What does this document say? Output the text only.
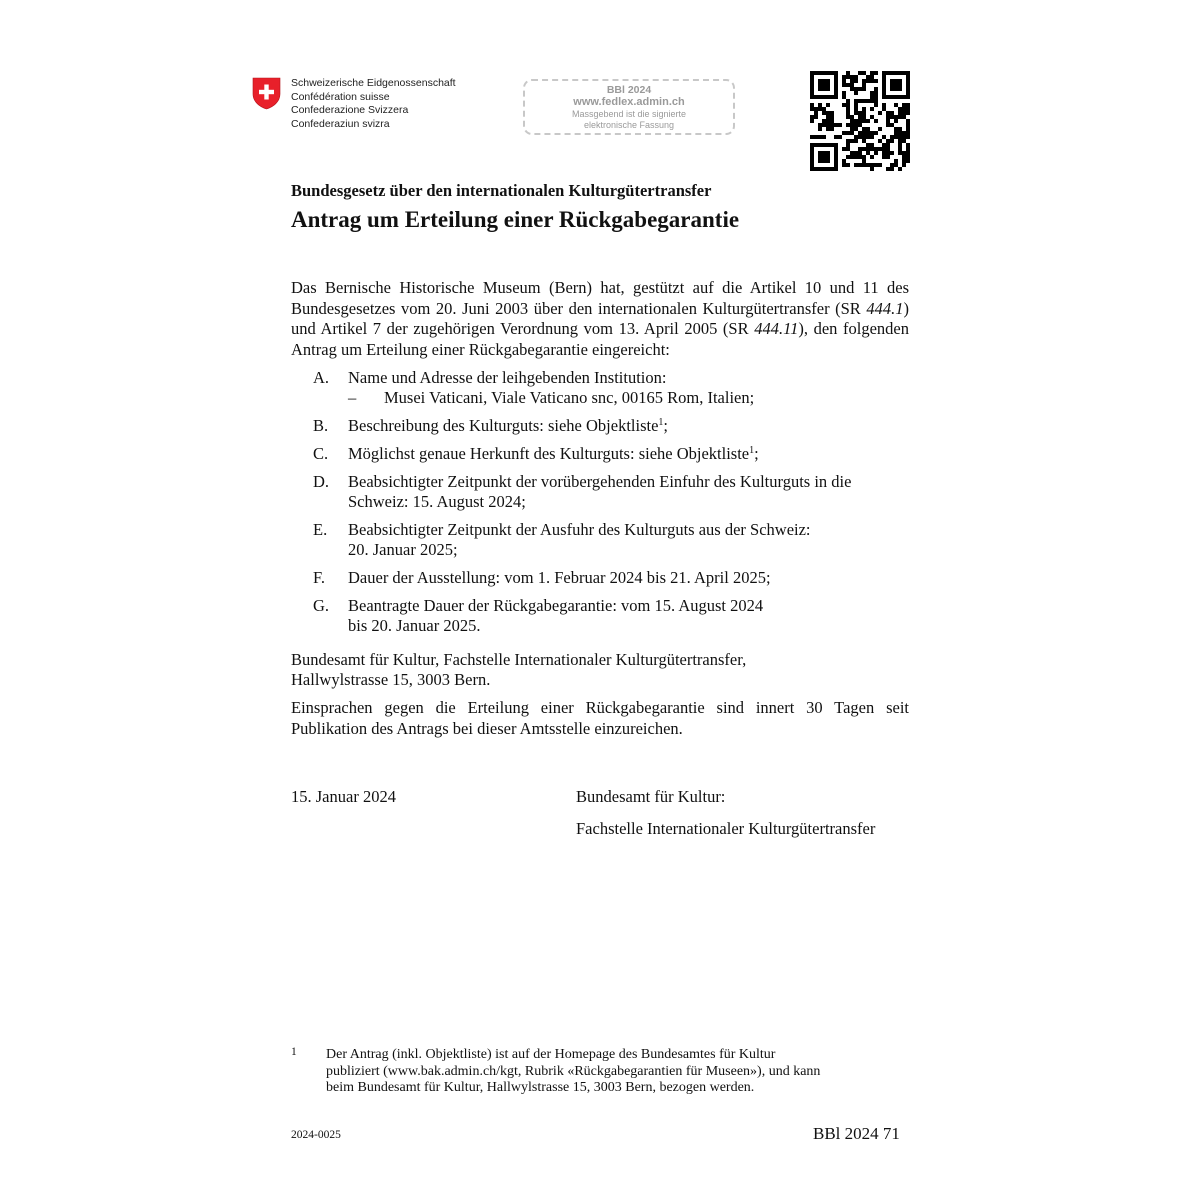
Schweizerische Eidgenossenschaft
Confédération suisse
Confederazione Svizzera
Confederaziun svizra
BBl 2024
www.fedlex.admin.ch
Massgebend ist die signierte
elektronische Fassung
Bundesgesetz über den internationalen Kulturgütertransfer
Antrag um Erteilung einer Rückgabegarantie
Das Bernische Historische Museum (Bern) hat, gestützt auf die Artikel 10 und 11 des Bundesgesetzes vom 20. Juni 2003 über den internationalen Kulturgütertransfer (SR 444.1) und Artikel 7 der zugehörigen Verordnung vom 13. April 2005 (SR 444.11), den folgenden Antrag um Erteilung einer Rückgabegarantie eingereicht:
A. Name und Adresse der leihgebenden Institution:
– Musei Vaticani, Viale Vaticano snc, 00165 Rom, Italien;
B. Beschreibung des Kulturguts: siehe Objektliste$^1$;
C. Möglichst genaue Herkunft des Kulturguts: siehe Objektliste$^1$;
D. Beabsichtigter Zeitpunkt der vorübergehenden Einfuhr des Kulturguts in die Schweiz: 15. August 2024;
E. Beabsichtigter Zeitpunkt der Ausfuhr des Kulturguts aus der Schweiz:
20. Januar 2025;
F. Dauer der Ausstellung: vom 1. Februar 2024 bis 21. April 2025;
G. Beantragte Dauer der Rückgabegarantie: vom 15. August 2024
bis 20. Januar 2025.
Bundesamt für Kultur, Fachstelle Internationaler Kulturgütertransfer,
Hallwylstrasse 15, 3003 Bern.
Einsprachen gegen die Erteilung einer Rückgabegarantie sind innert 30 Tagen seit Publikation des Antrags bei dieser Amtsstelle einzureichen.
15. Januar 2024	Bundesamt für Kultur:
Fachstelle Internationaler Kulturgütertransfer
1 Der Antrag (inkl. Objektliste) ist auf der Homepage des Bundesamtes für Kultur
publiziert (www.bak.admin.ch/kgt, Rubrik «Rückgabegarantien für Museen»), und kann
beim Bundesamt für Kultur, Hallwylstrasse 15, 3003 Bern, bezogen werden.
2024-0025	BBl 2024 71
